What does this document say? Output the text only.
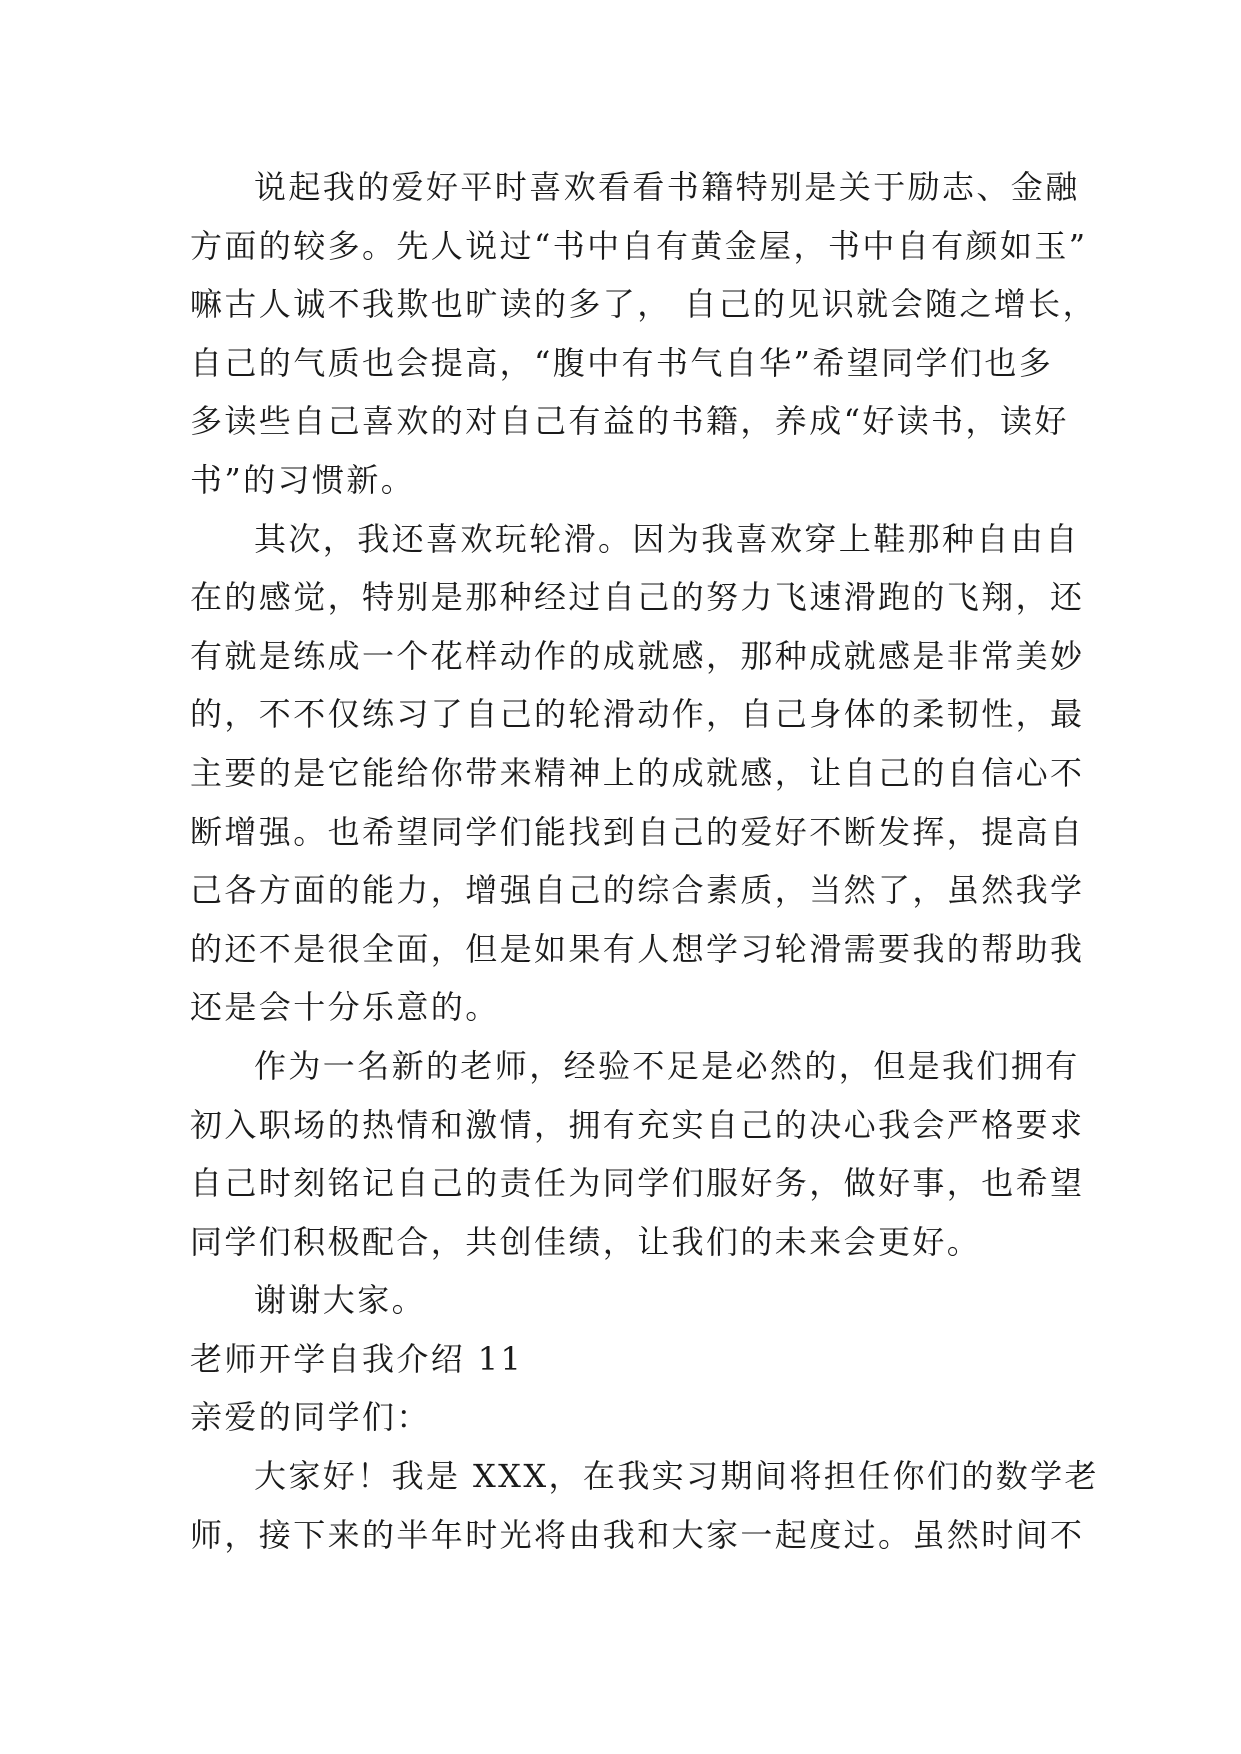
说起我的爱好平时喜欢看看书籍特别是关于励志、金融
方面的较多。先人说过“书中自有黄金屋，书中自有颜如玉”
嘛古人诚不我欺也旷读的多了， 自己的见识就会随之增长，
自己的气质也会提高，“腹中有书气自华”希望同学们也多
多读些自己喜欢的对自己有益的书籍，养成“好读书，读好
书”的习惯新。
其次，我还喜欢玩轮滑。因为我喜欢穿上鞋那种自由自
在的感觉，特别是那种经过自己的努力飞速滑跑的飞翔，还
有就是练成一个花样动作的成就感，那种成就感是非常美妙
的，不不仅练习了自己的轮滑动作，自己身体的柔韧性，最
主要的是它能给你带来精神上的成就感，让自己的自信心不
断增强。也希望同学们能找到自己的爱好不断发挥，提高自
己各方面的能力，增强自己的综合素质，当然了，虽然我学
的还不是很全面，但是如果有人想学习轮滑需要我的帮助我
还是会十分乐意的。
作为一名新的老师，经验不足是必然的，但是我们拥有
初入职场的热情和激情，拥有充实自己的决心我会严格要求
自己时刻铭记自己的责任为同学们服好务，做好事，也希望
同学们积极配合，共创佳绩，让我们的未来会更好。
谢谢大家。
老师开学自我介绍 11
亲爱的同学们：
大家好！我是 XXX，在我实习期间将担任你们的数学老
师，接下来的半年时光将由我和大家一起度过。虽然时间不
